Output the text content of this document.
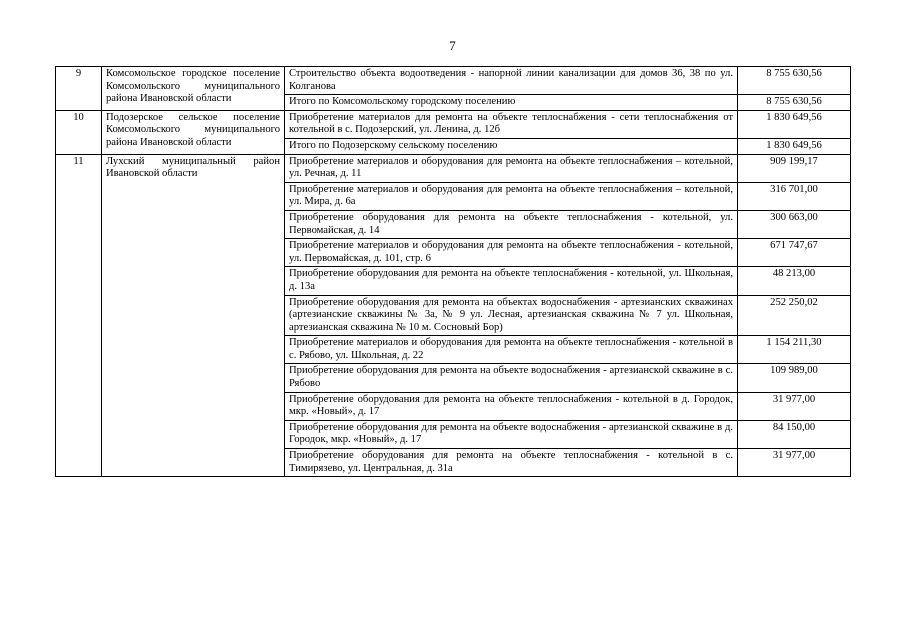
7
9	Комсомольское городское поселение Комсомольского муниципального района Ивановской области	Строительство объекта водоотведения - напорной линии канализации для домов 36, 38 по ул. Колганова	8 755 630,56
		Итого по Комсомольскому городскому поселению	8 755 630,56
10	Подозерское сельское поселение Комсомольского муниципального района Ивановской области	Приобретение материалов для ремонта на объекте теплоснабжения - сети теплоснабжения от котельной в с. Подозерский, ул. Ленина, д. 12б	1 830 649,56
		Итого по Подозерскому сельскому поселению	1 830 649,56
11	Лухский муниципальный район Ивановской области	Приобретение материалов и оборудования для ремонта на объекте теплоснабжения – котельной, ул. Речная, д. 11	909 199,17
		Приобретение материалов и оборудования для ремонта на объекте теплоснабжения – котельной, ул. Мира, д. 6а	316 701,00
		Приобретение оборудования для ремонта на объекте теплоснабжения - котельной, ул. Первомайская, д. 14	300 663,00
		Приобретение материалов и оборудования для ремонта на объекте теплоснабжения - котельной, ул. Первомайская, д. 101, стр. 6	671 747,67
		Приобретение оборудования для ремонта на объекте теплоснабжения - котельной, ул. Школьная, д. 13а	48 213,00
		Приобретение оборудования для ремонта на объектах водоснабжения - артезианских скважинах (артезианские скважины № 3а, № 9 ул. Лесная, артезианская скважина № 7 ул. Школьная, артезианская скважина № 10 м. Сосновый Бор)	252 250,02
		Приобретение материалов и оборудования для ремонта на объекте теплоснабжения - котельной в с. Рябово, ул. Школьная, д. 22	1 154 211,30
		Приобретение оборудования для ремонта на объекте водоснабжения - артезианской скважине в с. Рябово	109 989,00
		Приобретение оборудования для ремонта на объекте теплоснабжения - котельной в д. Городок, мкр. «Новый», д. 17	31 977,00
		Приобретение оборудования для ремонта на объекте водоснабжения - артезианской скважине в д. Городок, мкр. «Новый», д. 17	84 150,00
		Приобретение оборудования для ремонта на объекте теплоснабжения - котельной в с. Тимирязево, ул. Центральная, д. 31а	31 977,00
